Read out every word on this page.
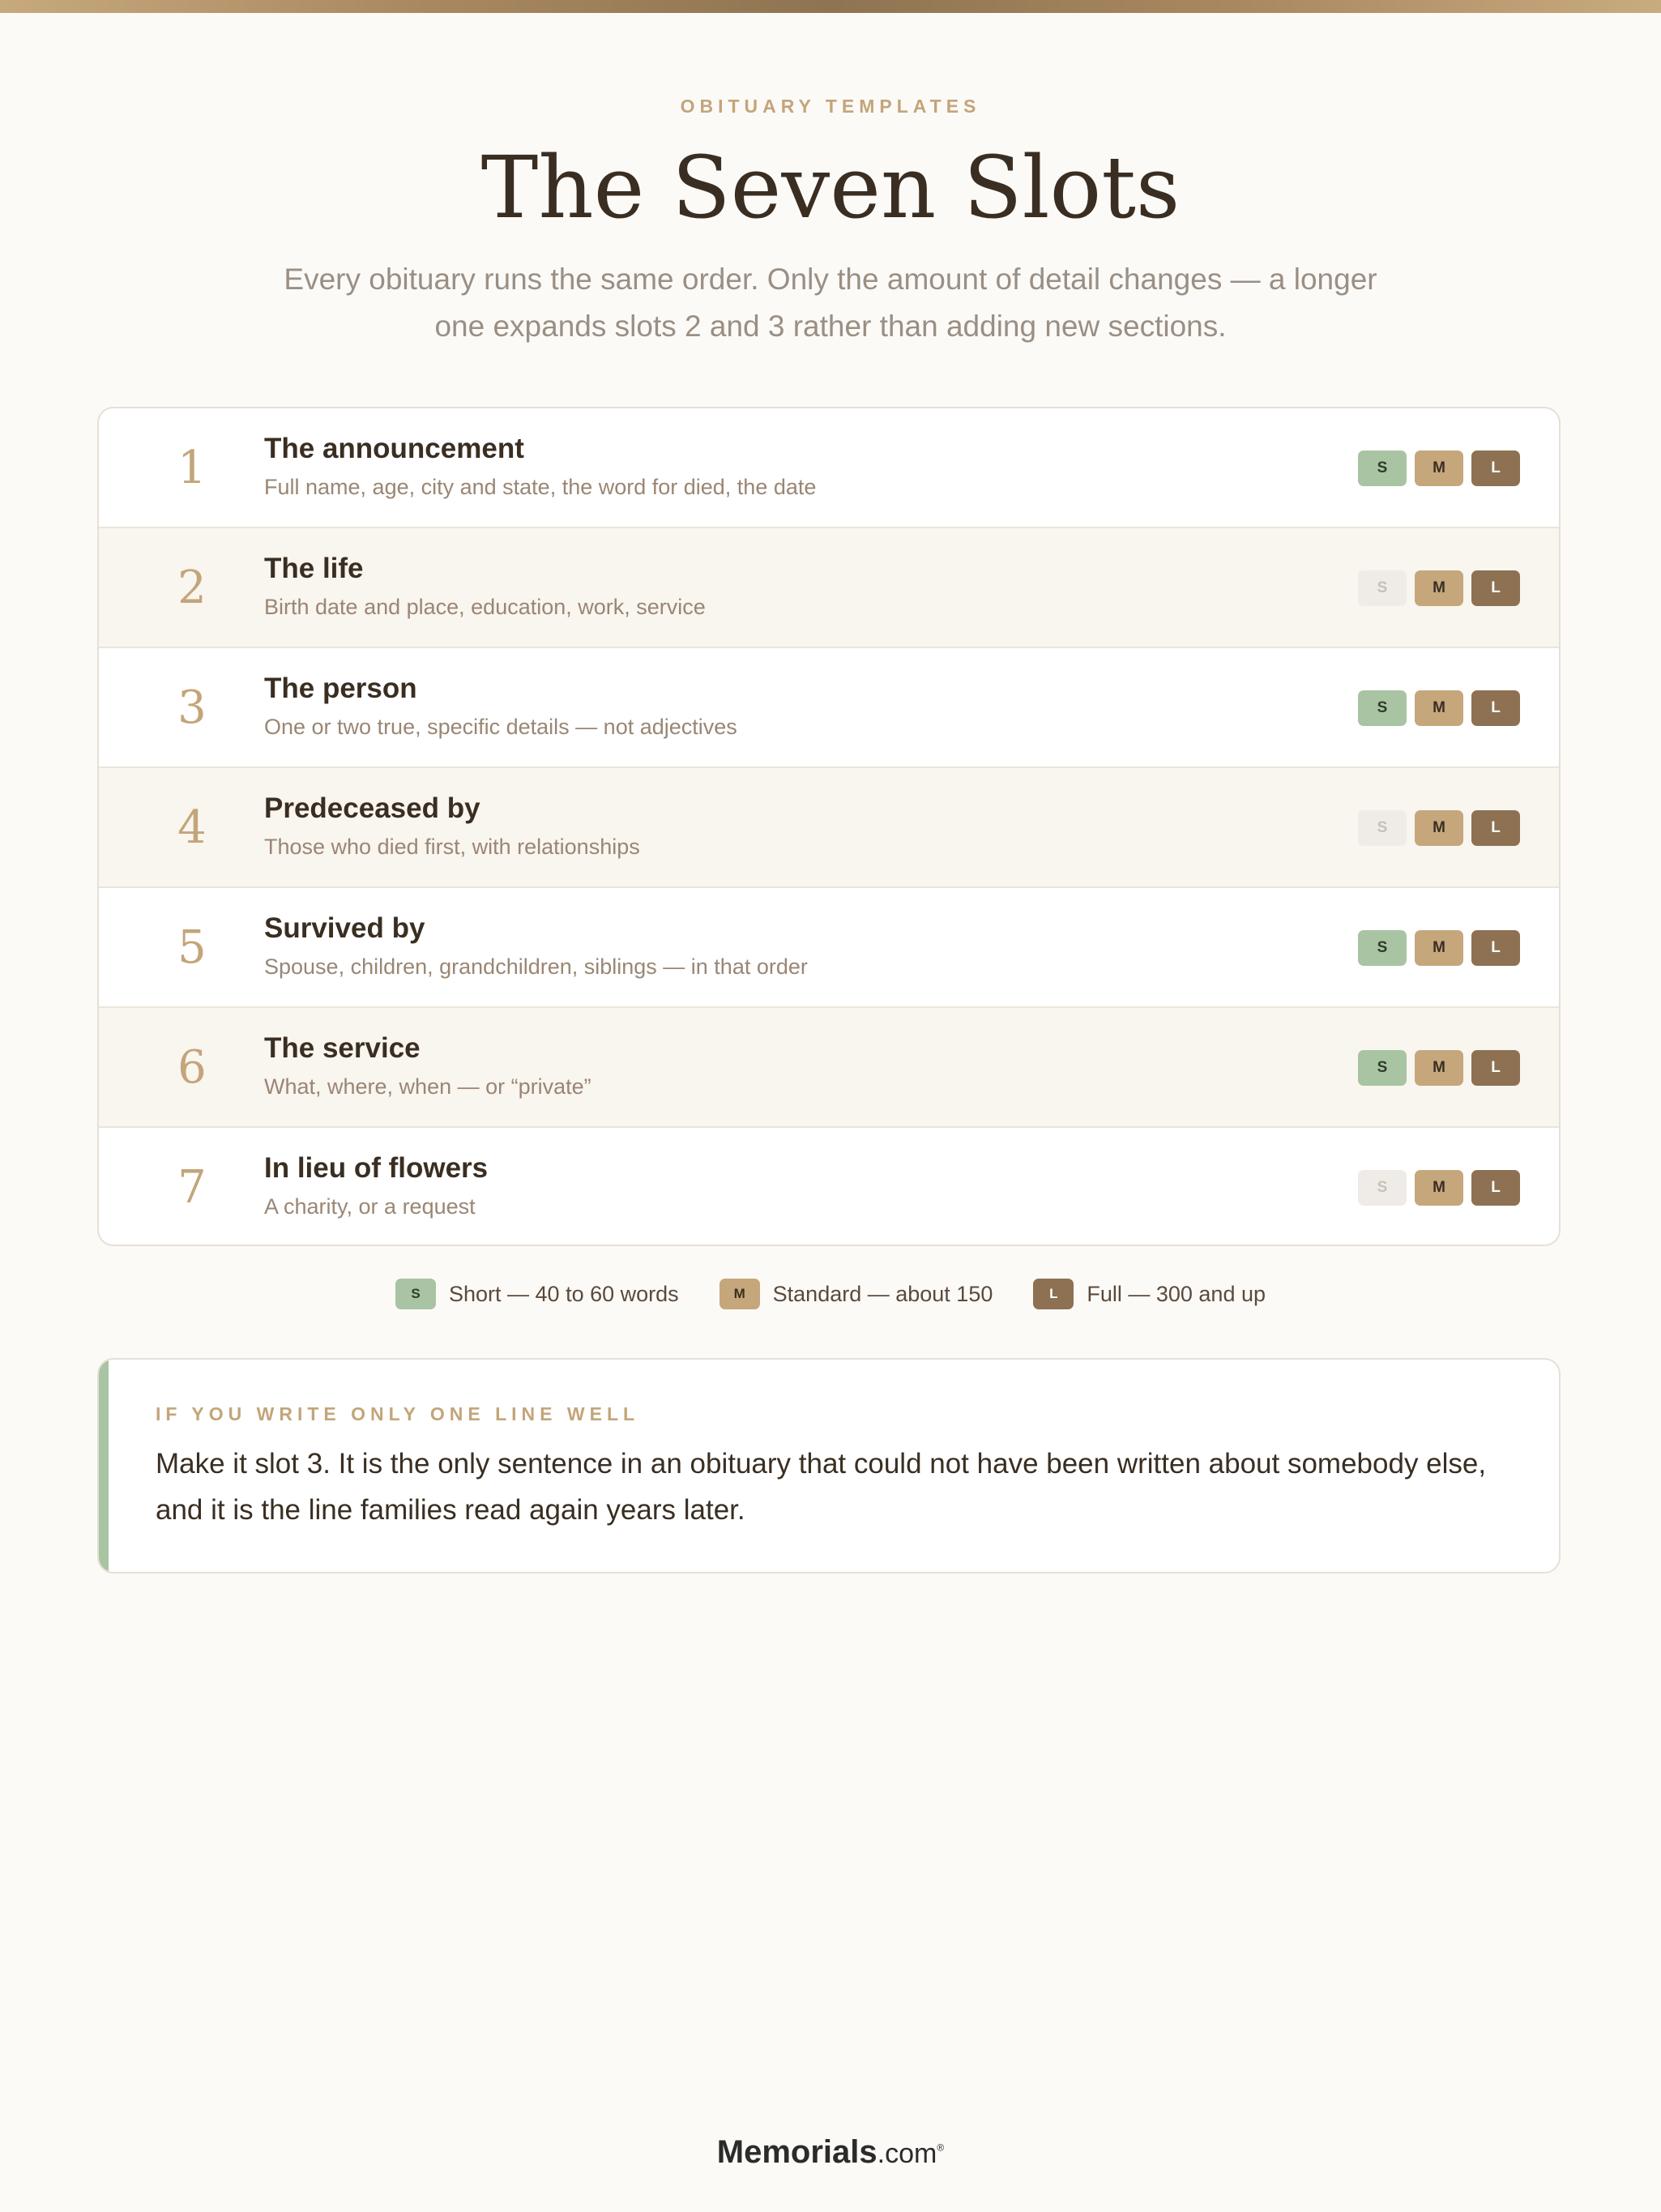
OBITUARY TEMPLATES
The Seven Slots
Every obituary runs the same order. Only the amount of detail changes — a longer one expands slots 2 and 3 rather than adding new sections.
1	The announcement
Full name, age, city and state, the word for died, the date
S	M	L
2	The life
Birth date and place, education, work, service
S	M	L
3	The person
One or two true, specific details — not adjectives
S	M	L
4	Predeceased by
Those who died first, with relationships
S	M	L
5	Survived by
Spouse, children, grandchildren, siblings — in that order
S	M	L
6	The service
What, where, when — or “private”
S	M	L
7	In lieu of flowers
A charity, or a request
S	M	L
S	Short — 40 to 60 words	M	Standard — about 150	L	Full — 300 and up
IF YOU WRITE ONLY ONE LINE WELL
Make it slot 3. It is the only sentence in an obituary that could not have been written about somebody else, and it is the line families read again years later.
Memorials.com®
